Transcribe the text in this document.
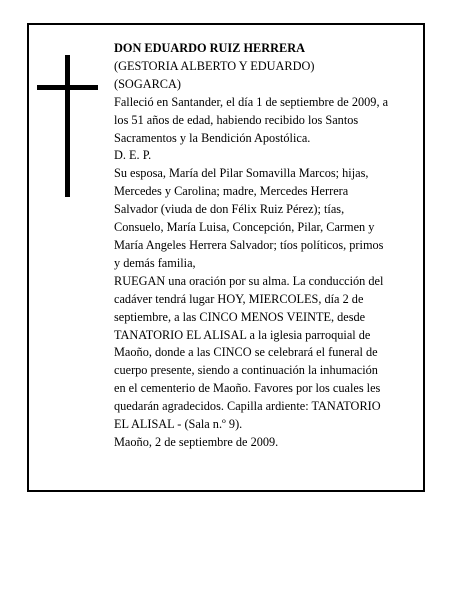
DON EDUARDO RUIZ HERRERA
(GESTORIA ALBERTO Y EDUARDO)
(SOGARCA)
Falleció en Santander, el día 1 de septiembre de 2009, a
los 51 años de edad, habiendo recibido los Santos
Sacramentos y la Bendición Apostólica.
D. E. P.
Su esposa, María del Pilar Somavilla Marcos; hijas,
Mercedes y Carolina; madre, Mercedes Herrera
Salvador (viuda de don Félix Ruiz Pérez); tías,
Consuelo, María Luisa, Concepción, Pilar, Carmen y
María Angeles Herrera Salvador; tíos políticos, primos
y demás familia,
RUEGAN una oración por su alma. La conducción del
cadáver tendrá lugar HOY, MIERCOLES, día 2 de
septiembre, a las CINCO MENOS VEINTE, desde
TANATORIO EL ALISAL a la iglesia parroquial de
Maoño, donde a las CINCO se celebrará el funeral de
cuerpo presente, siendo a continuación la inhumación
en el cementerio de Maoño. Favores por los cuales les
quedarán agradecidos. Capilla ardiente: TANATORIO
EL ALISAL - (Sala n.º 9).
Maoño, 2 de septiembre de 2009.
